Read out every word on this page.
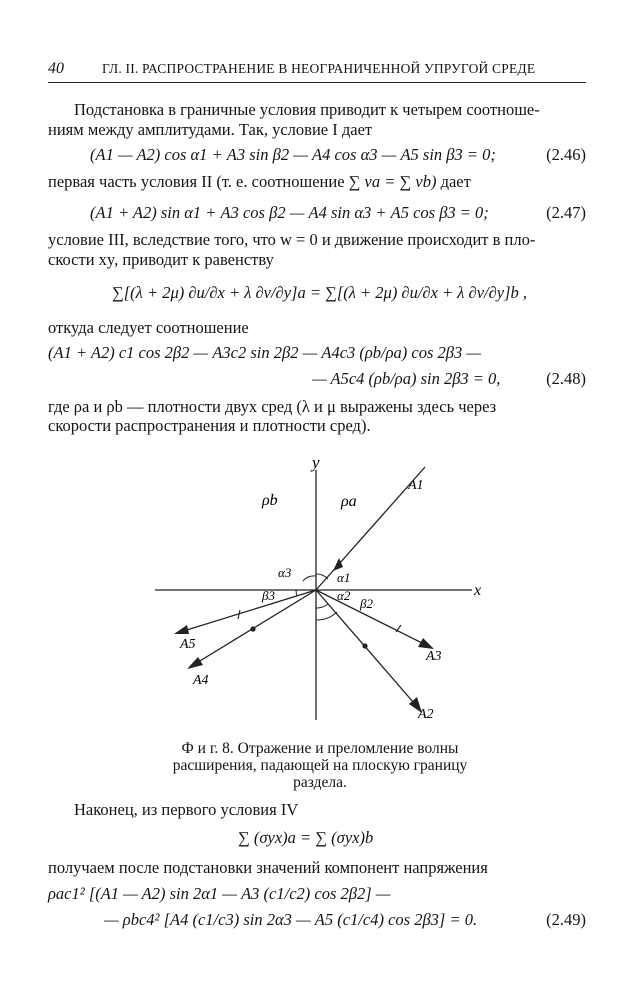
40	ГЛ. II. РАСПРОСТРАНЕНИЕ В НЕОГРАНИЧЕННОЙ УПРУГОЙ СРЕДЕ
Подстановка в граничные условия приводит к четырем соотноше-
ниям между амплитудами. Так, условие I дает
(A1 — A2) cos α1 + A3 sin β2 — A4 cos α3 — A5 sin β3 = 0;	(2.46)
первая часть условия II (т. е. соотношение ∑ va = ∑ vb) дает
(A1 + A2) sin α1 + A3 cos β2 — A4 sin α3 + A5 cos β3 = 0;	(2.47)
условие III, вследствие того, что w = 0 и движение происходит в пло-
скости xy, приводит к равенству
∑[(λ + 2μ) ∂u/∂x + λ ∂v/∂y]a = ∑[(λ + 2μ) ∂u/∂x + λ ∂v/∂y]b ,
откуда следует соотношение
(A1 + A2) c1 cos 2β2 — A3c2 sin 2β2 — A4c3 (ρb/ρa) cos 2β3 —
— A5c4 (ρb/ρa) sin 2β3 = 0,	(2.48)
где ρa и ρb — плотности двух сред (λ и μ выражены здесь через
скорости распространения и плотности сред).
y
x
ρb	ρa
A1
A2
A3
A4
A5
α1
α2
α3
β2
β3
Ф и г. 8. Отражение и преломление волны
расширения, падающей на плоскую границу
раздела.
Наконец, из первого условия IV
∑ (σyx)a = ∑ (σyx)b
получаем после подстановки значений компонент напряжения
ρac1² [(A1 — A2) sin 2α1 — A3 (c1/c2) cos 2β2] —
— ρbc4² [A4 (c1/c3) sin 2α3 — A5 (c1/c4) cos 2β3] = 0.	(2.49)
